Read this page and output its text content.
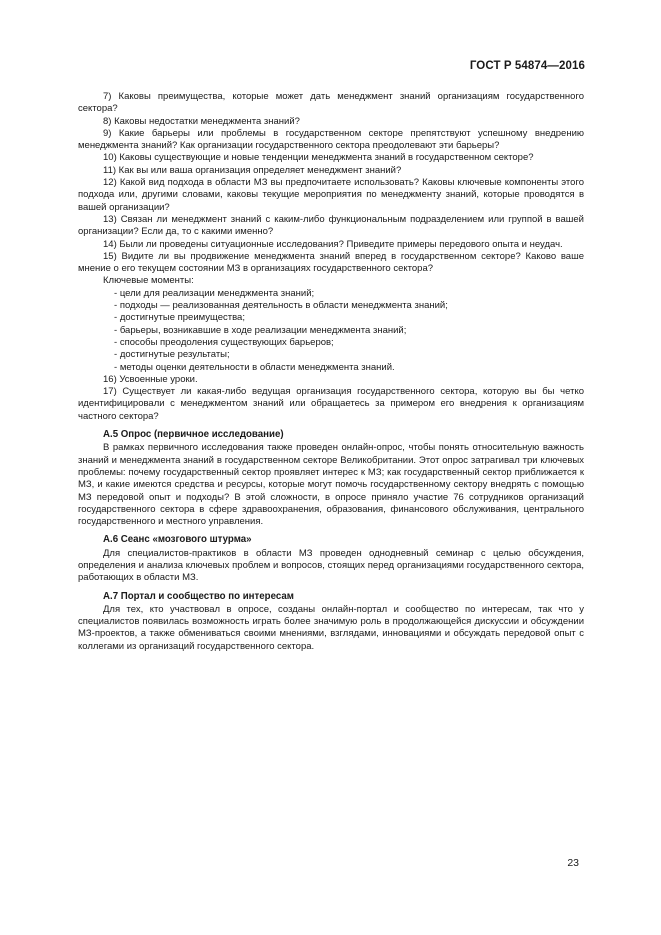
ГОСТ Р 54874—2016

7) Каковы преимущества, которые может дать менеджмент знаний организациям государственного сектора?

8) Каковы недостатки менеджмента знаний?

9) Какие барьеры или проблемы в государственном секторе препятствуют успешному внедрению менеджмента знаний? Как организации государственного сектора преодолевают эти барьеры?

10) Каковы существующие и новые тенденции менеджмента знаний в государственном секторе?

11) Как вы или ваша организация определяет менеджмент знаний?

12) Какой вид подхода в области МЗ вы предпочитаете использовать? Каковы ключевые компоненты этого подхода или, другими словами, каковы текущие мероприятия по менеджменту знаний, которые проводятся в вашей организации?

13) Связан ли менеджмент знаний с каким-либо функциональным подразделением или группой в вашей организации? Если да, то с какими именно?

14) Были ли проведены ситуационные исследования? Приведите примеры передового опыта и неудач.

15) Видите ли вы продвижение менеджмента знаний вперед в государственном секторе? Каково ваше мнение о его текущем состоянии МЗ в организациях государственного сектора?

Ключевые моменты:

- цели для реализации менеджмента знаний;
- подходы — реализованная деятельность в области менеджмента знаний;
- достигнутые преимущества;
- барьеры, возникавшие в ходе реализации менеджмента знаний;
- способы преодоления существующих барьеров;
- достигнутые результаты;
- методы оценки деятельности в области менеджмента знаний.

16) Усвоенные уроки.

17) Существует ли какая-либо ведущая организация государственного сектора, которую вы бы четко идентифицировали с менеджментом знаний или обращаетесь за примером его внедрения к организациям частного сектора?

А.5 Опрос (первичное исследование)

В рамках первичного исследования также проведен онлайн-опрос, чтобы понять относительную важность знаний и менеджмента знаний в государственном секторе Великобритании. Этот опрос затрагивал три ключевых проблемы: почему государственный сектор проявляет интерес к МЗ; как государственный сектор приближается к МЗ, и какие имеются средства и ресурсы, которые могут помочь государственному сектору внедрять с помощью МЗ передовой опыт и подходы? В этой сложности, в опросе приняло участие 76 сотрудников организаций государственного сектора в сфере здравоохранения, образования, финансового обслуживания, центрального государственного и местного управления.

А.6 Сеанс «мозгового штурма»

Для специалистов-практиков в области МЗ проведен однодневный семинар с целью обсуждения, определения и анализа ключевых проблем и вопросов, стоящих перед организациями государственного сектора, работающих в области МЗ.

А.7 Портал и сообщество по интересам

Для тех, кто участвовал в опросе, созданы онлайн-портал и сообщество по интересам, так что у специалистов появилась возможность играть более значимую роль в продолжающейся дискуссии и обсуждении МЗ-проектов, а также обмениваться своими мнениями, взглядами, инновациями и обсуждать передовой опыт с коллегами из организаций государственного сектора.

23
